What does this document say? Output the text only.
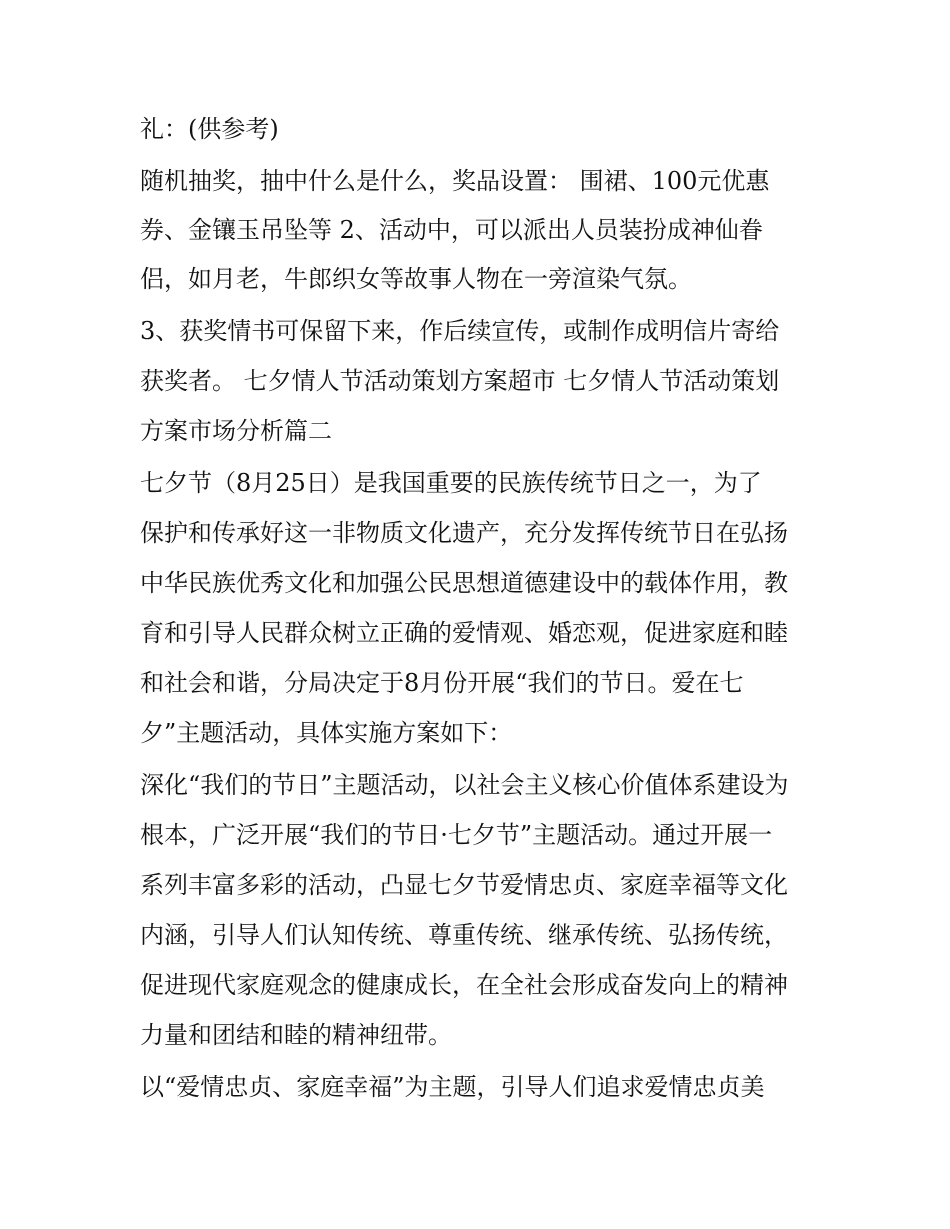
礼：(供参考)
随机抽奖，抽中什么是什么，奖品设置： 围裙、100元优惠
券、金镶玉吊坠等 2、活动中，可以派出人员装扮成神仙眷
侣，如月老，牛郎织女等故事人物在一旁渲染气氛。
3、获奖情书可保留下来，作后续宣传，或制作成明信片寄给
获奖者。 七夕情人节活动策划方案超市 七夕情人节活动策划
方案市场分析篇二
七夕节（8月25日）是我国重要的民族传统节日之一，为了
保护和传承好这一非物质文化遗产，充分发挥传统节日在弘扬
中华民族优秀文化和加强公民思想道德建设中的载体作用，教
育和引导人民群众树立正确的爱情观、婚恋观，促进家庭和睦
和社会和谐，分局决定于8月份开展“我们的节日。爱在七
夕”主题活动，具体实施方案如下：
深化“我们的节日”主题活动，以社会主义核心价值体系建设为
根本，广泛开展“我们的节日·七夕节”主题活动。通过开展一
系列丰富多彩的活动，凸显七夕节爱情忠贞、家庭幸福等文化
内涵，引导人们认知传统、尊重传统、继承传统、弘扬传统，
促进现代家庭观念的健康成长，在全社会形成奋发向上的精神
力量和团结和睦的精神纽带。
以“爱情忠贞、家庭幸福”为主题，引导人们追求爱情忠贞美
